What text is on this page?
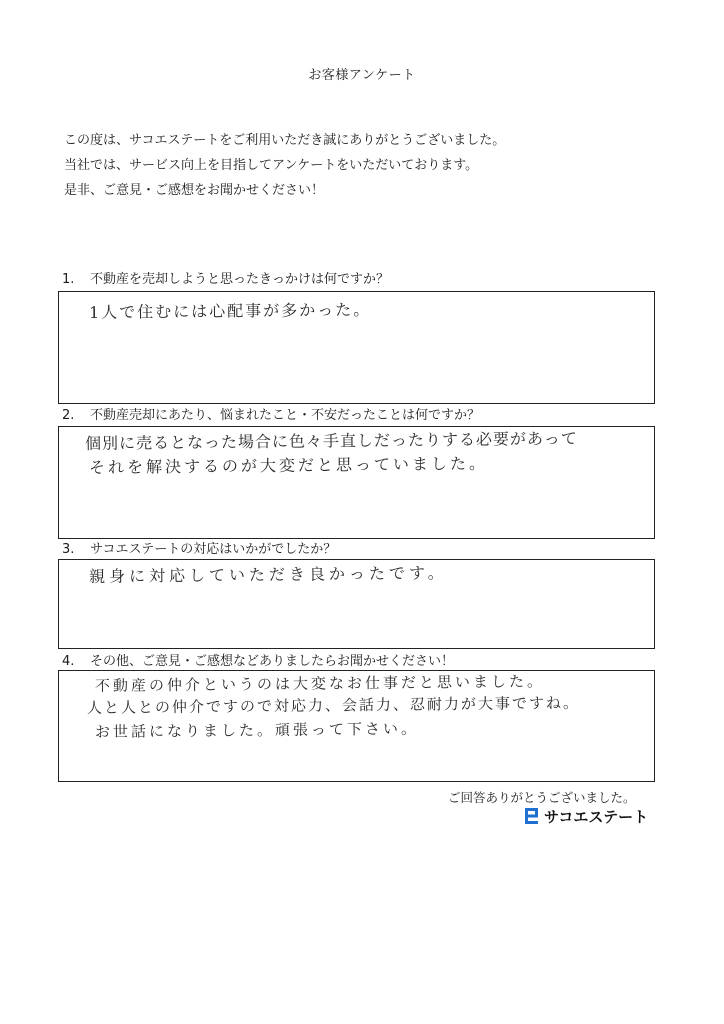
お客様アンケート
この度は、サコエステートをご利用いただき誠にありがとうございました。
当社では、サービス向上を目指してアンケートをいただいております。
是非、ご意見・ご感想をお聞かせください！
1. 不動産を売却しようと思ったきっかけは何ですか？
1人で住むには心配事が多かった。
2. 不動産売却にあたり、悩まれたこと・不安だったことは何ですか？
個別に売るとなった場合に色々手直しだったりする必要があって
それを解決するのが大変だと思っていました。
3. サコエステートの対応はいかがでしたか？
親身に対応していただき良かったです。
4. その他、ご意見・ご感想などありましたらお聞かせください！
不動産の仲介というのは大変なお仕事だと思いました。
人と人との仲介ですので対応力、会話力、忍耐力が大事ですね。
お世話になりました。頑張って下さい。
ご回答ありがとうございました。
サコエステート
